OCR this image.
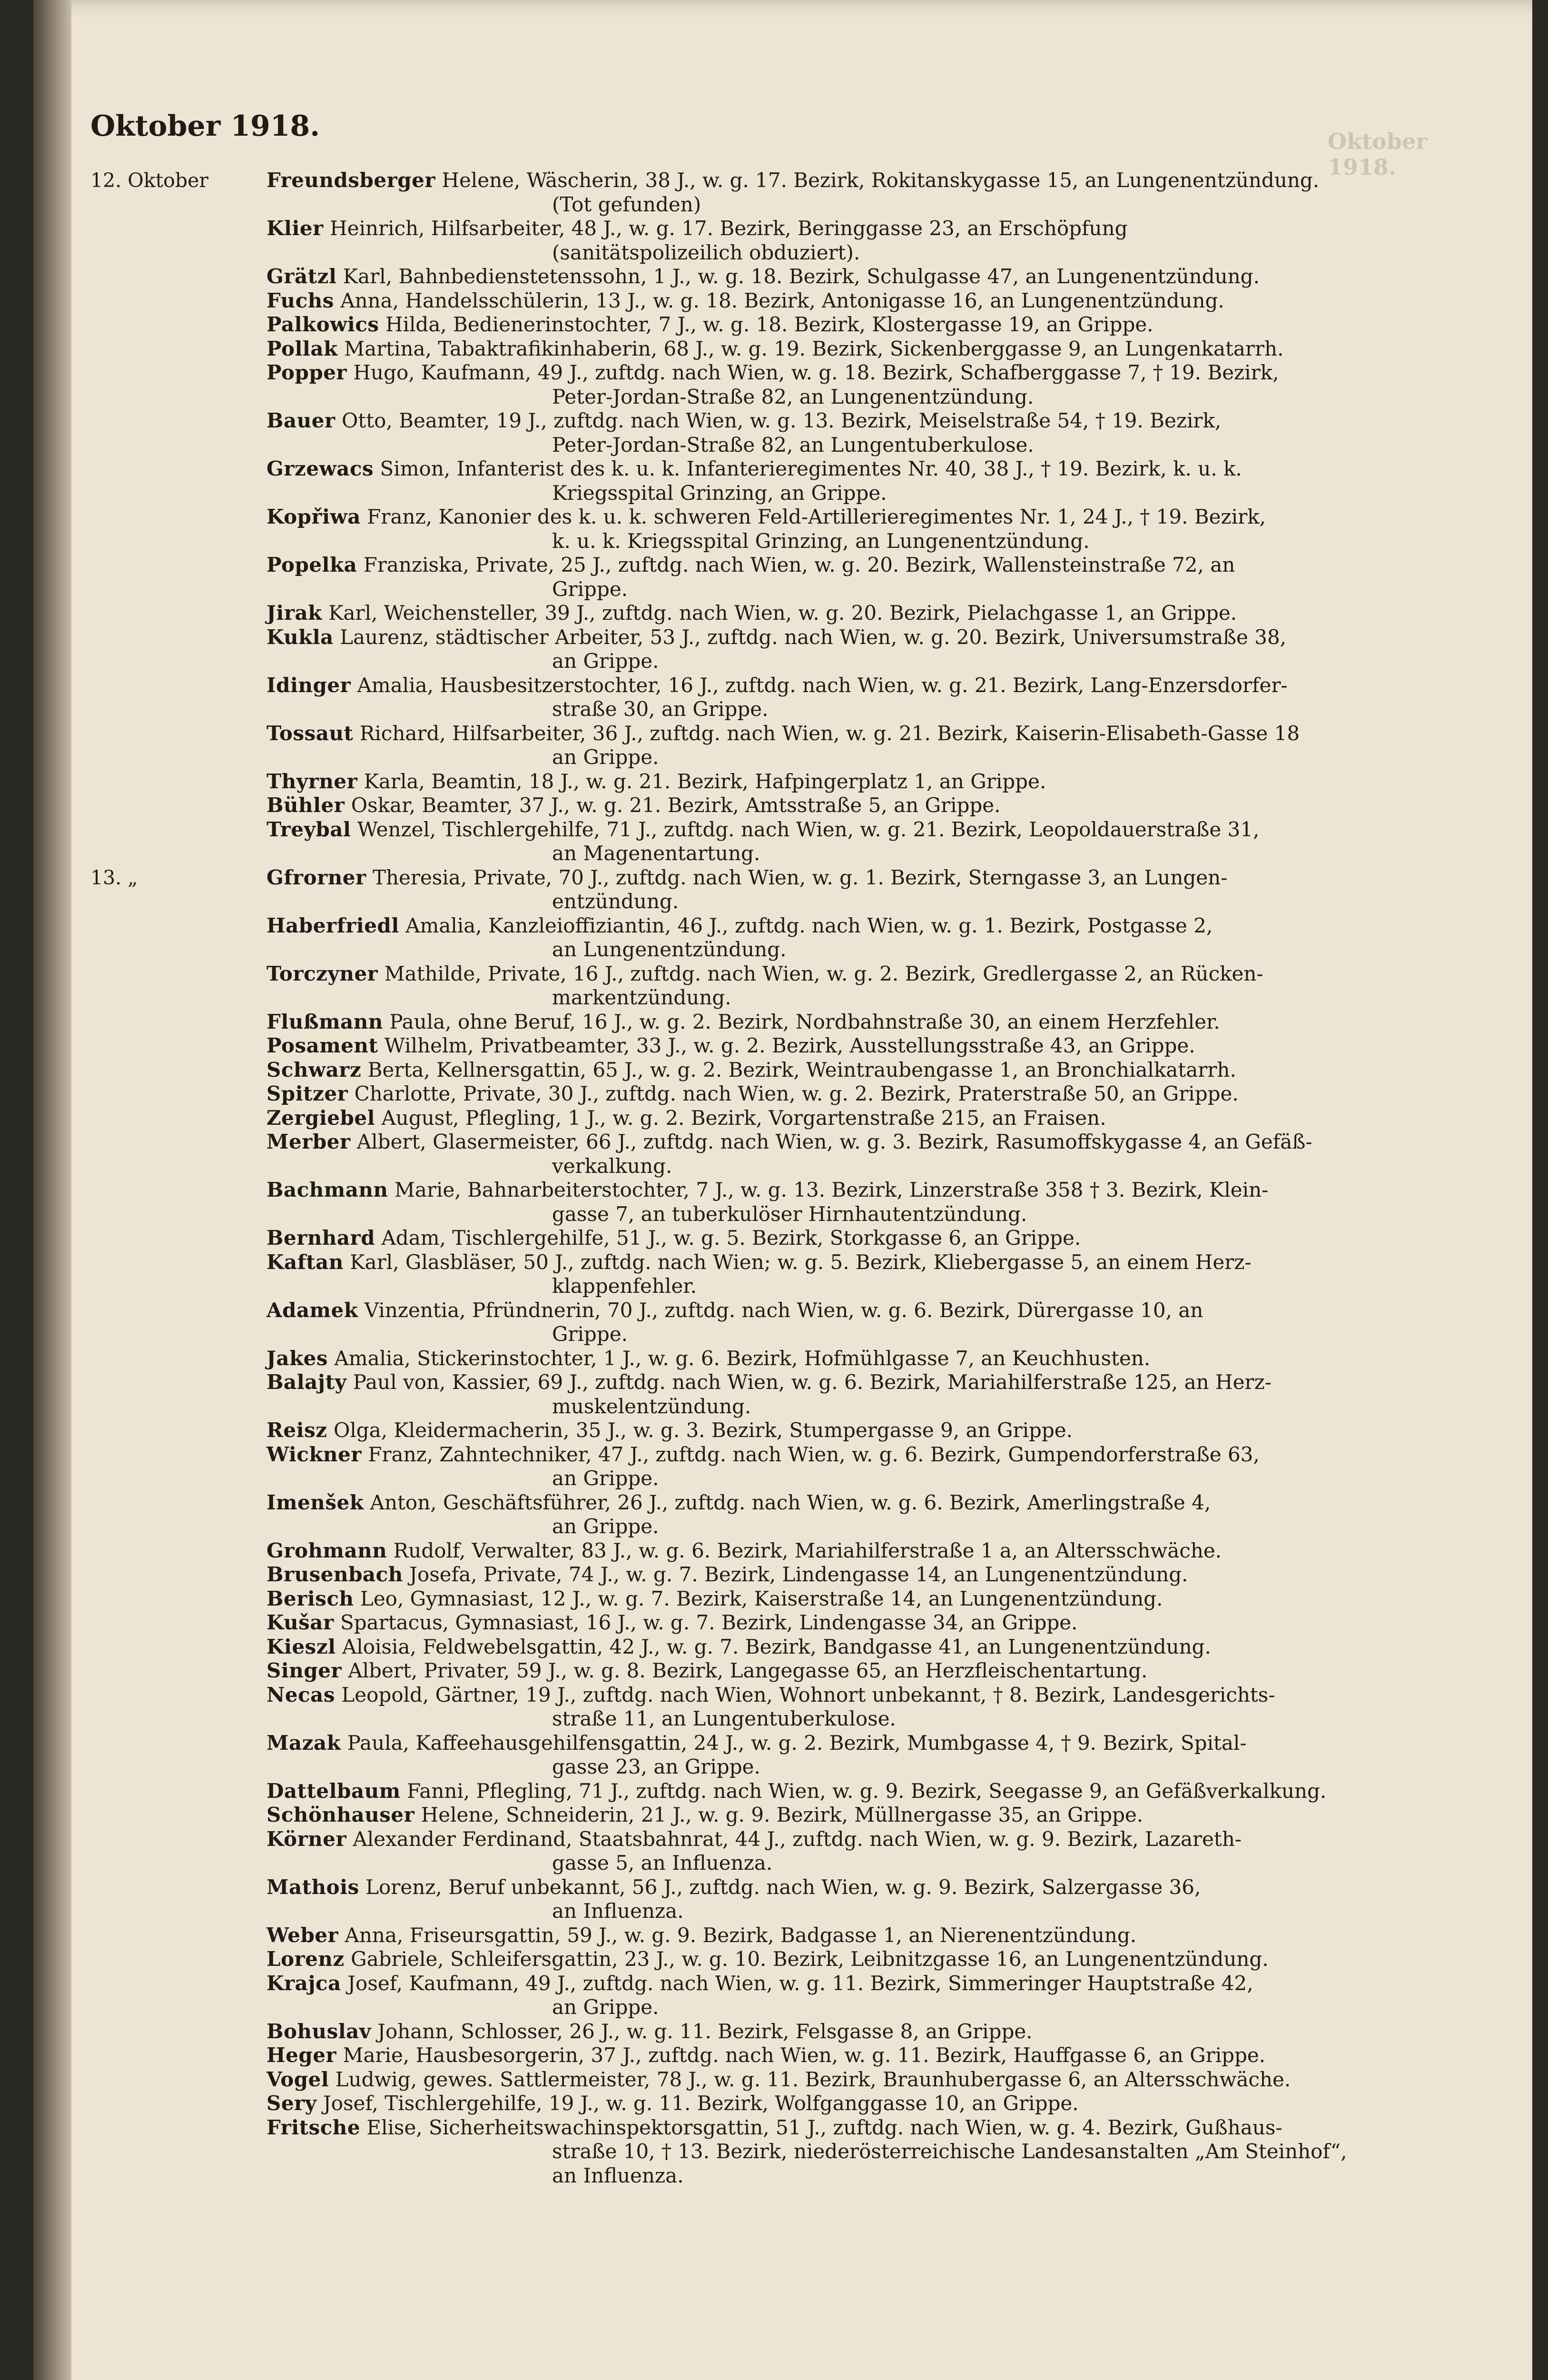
Oktober 1918.
Oktober 1918.
12. Oktober	Freundsberger Helene, Wäscherin, 38 J., w. g. 17. Bezirk, Rokitanskygasse 15, an Lungenentzündung.
(Tot gefunden)
Klier Heinrich, Hilfsarbeiter, 48 J., w. g. 17. Bezirk, Beringgasse 23, an Erschöpfung
(sanitätspolizeilich obduziert).
Grätzl Karl, Bahnbedienstetenssohn, 1 J., w. g. 18. Bezirk, Schulgasse 47, an Lungenentzündung.
Fuchs Anna, Handelsschülerin, 13 J., w. g. 18. Bezirk, Antonigasse 16, an Lungenentzündung.
Palkowics Hilda, Bedienerinstochter, 7 J., w. g. 18. Bezirk, Klostergasse 19, an Grippe.
Pollak Martina, Tabaktrafikinhaberin, 68 J., w. g. 19. Bezirk, Sickenberggasse 9, an Lungenkatarrh.
Popper Hugo, Kaufmann, 49 J., zuftdg. nach Wien, w. g. 18. Bezirk, Schafberggasse 7, † 19. Bezirk,
Peter-Jordan-Straße 82, an Lungenentzündung.
Bauer Otto, Beamter, 19 J., zuftdg. nach Wien, w. g. 13. Bezirk, Meiselstraße 54, † 19. Bezirk,
Peter-Jordan-Straße 82, an Lungentuberkulose.
Grzewacs Simon, Infanterist des k. u. k. Infanterieregimentes Nr. 40, 38 J., † 19. Bezirk, k. u. k.
Kriegsspital Grinzing, an Grippe.
Kopřiwa Franz, Kanonier des k. u. k. schweren Feld-Artillerieregimentes Nr. 1, 24 J., † 19. Bezirk,
k. u. k. Kriegsspital Grinzing, an Lungenentzündung.
Popelka Franziska, Private, 25 J., zuftdg. nach Wien, w. g. 20. Bezirk, Wallensteinstraße 72, an
Grippe.
Jirak Karl, Weichensteller, 39 J., zuftdg. nach Wien, w. g. 20. Bezirk, Pielachgasse 1, an Grippe.
Kukla Laurenz, städtischer Arbeiter, 53 J., zuftdg. nach Wien, w. g. 20. Bezirk, Universumstraße 38,
an Grippe.
Idinger Amalia, Hausbesitzerstochter, 16 J., zuftdg. nach Wien, w. g. 21. Bezirk, Lang-Enzersdorfer-
straße 30, an Grippe.
Tossaut Richard, Hilfsarbeiter, 36 J., zuftdg. nach Wien, w. g. 21. Bezirk, Kaiserin-Elisabeth-Gasse 18
an Grippe.
Thyrner Karla, Beamtin, 18 J., w. g. 21. Bezirk, Hafpingerplatz 1, an Grippe.
Bühler Oskar, Beamter, 37 J., w. g. 21. Bezirk, Amtsstraße 5, an Grippe.
Treybal Wenzel, Tischlergehilfe, 71 J., zuftdg. nach Wien, w. g. 21. Bezirk, Leopoldauerstraße 31,
an Magenentartung.
13. „	Gfrorner Theresia, Private, 70 J., zuftdg. nach Wien, w. g. 1. Bezirk, Sterngasse 3, an Lungen-
entzündung.
Haberfriedl Amalia, Kanzleioffiziantin, 46 J., zuftdg. nach Wien, w. g. 1. Bezirk, Postgasse 2,
an Lungenentzündung.
Torczyner Mathilde, Private, 16 J., zuftdg. nach Wien, w. g. 2. Bezirk, Gredlergasse 2, an Rücken-
markentzündung.
Flußmann Paula, ohne Beruf, 16 J., w. g. 2. Bezirk, Nordbahnstraße 30, an einem Herzfehler.
Posament Wilhelm, Privatbeamter, 33 J., w. g. 2. Bezirk, Ausstellungsstraße 43, an Grippe.
Schwarz Berta, Kellnersgattin, 65 J., w. g. 2. Bezirk, Weintraubengasse 1, an Bronchialkatarrh.
Spitzer Charlotte, Private, 30 J., zuftdg. nach Wien, w. g. 2. Bezirk, Praterstraße 50, an Grippe.
Zergiebel August, Pflegling, 1 J., w. g. 2. Bezirk, Vorgartenstraße 215, an Fraisen.
Merber Albert, Glasermeister, 66 J., zuftdg. nach Wien, w. g. 3. Bezirk, Rasumoffskygasse 4, an Gefäß-
verkalkung.
Bachmann Marie, Bahnarbeiterstochter, 7 J., w. g. 13. Bezirk, Linzerstraße 358 † 3. Bezirk, Klein-
gasse 7, an tuberkulöser Hirnhautentzündung.
Bernhard Adam, Tischlergehilfe, 51 J., w. g. 5. Bezirk, Storkgasse 6, an Grippe.
Kaftan Karl, Glasbläser, 50 J., zuftdg. nach Wien; w. g. 5. Bezirk, Kliebergasse 5, an einem Herz-
klappenfehler.
Adamek Vinzentia, Pfründnerin, 70 J., zuftdg. nach Wien, w. g. 6. Bezirk, Dürergasse 10, an
Grippe.
Jakes Amalia, Stickerinstochter, 1 J., w. g. 6. Bezirk, Hofmühlgasse 7, an Keuchhusten.
Balajty Paul von, Kassier, 69 J., zuftdg. nach Wien, w. g. 6. Bezirk, Mariahilferstraße 125, an Herz-
muskelentzündung.
Reisz Olga, Kleidermacherin, 35 J., w. g. 3. Bezirk, Stumpergasse 9, an Grippe.
Wickner Franz, Zahntechniker, 47 J., zuftdg. nach Wien, w. g. 6. Bezirk, Gumpendorferstraße 63,
an Grippe.
Imenšek Anton, Geschäftsführer, 26 J., zuftdg. nach Wien, w. g. 6. Bezirk, Amerlingstraße 4,
an Grippe.
Grohmann Rudolf, Verwalter, 83 J., w. g. 6. Bezirk, Mariahilferstraße 1 a, an Altersschwäche.
Brusenbach Josefa, Private, 74 J., w. g. 7. Bezirk, Lindengasse 14, an Lungenentzündung.
Berisch Leo, Gymnasiast, 12 J., w. g. 7. Bezirk, Kaiserstraße 14, an Lungenentzündung.
Kušar Spartacus, Gymnasiast, 16 J., w. g. 7. Bezirk, Lindengasse 34, an Grippe.
Kieszl Aloisia, Feldwebelsgattin, 42 J., w. g. 7. Bezirk, Bandgasse 41, an Lungenentzündung.
Singer Albert, Privater, 59 J., w. g. 8. Bezirk, Langegasse 65, an Herzfleischentartung.
Necas Leopold, Gärtner, 19 J., zuftdg. nach Wien, Wohnort unbekannt, † 8. Bezirk, Landesgerichts-
straße 11, an Lungentuberkulose.
Mazak Paula, Kaffeehausgehilfensgattin, 24 J., w. g. 2. Bezirk, Mumbgasse 4, † 9. Bezirk, Spital-
gasse 23, an Grippe.
Dattelbaum Fanni, Pflegling, 71 J., zuftdg. nach Wien, w. g. 9. Bezirk, Seegasse 9, an Gefäßverkalkung.
Schönhauser Helene, Schneiderin, 21 J., w. g. 9. Bezirk, Müllnergasse 35, an Grippe.
Körner Alexander Ferdinand, Staatsbahnrat, 44 J., zuftdg. nach Wien, w. g. 9. Bezirk, Lazareth-
gasse 5, an Influenza.
Mathois Lorenz, Beruf unbekannt, 56 J., zuftdg. nach Wien, w. g. 9. Bezirk, Salzergasse 36,
an Influenza.
Weber Anna, Friseursgattin, 59 J., w. g. 9. Bezirk, Badgasse 1, an Nierenentzündung.
Lorenz Gabriele, Schleifersgattin, 23 J., w. g. 10. Bezirk, Leibnitzgasse 16, an Lungenentzündung.
Krajca Josef, Kaufmann, 49 J., zuftdg. nach Wien, w. g. 11. Bezirk, Simmeringer Hauptstraße 42,
an Grippe.
Bohuslav Johann, Schlosser, 26 J., w. g. 11. Bezirk, Felsgasse 8, an Grippe.
Heger Marie, Hausbesorgerin, 37 J., zuftdg. nach Wien, w. g. 11. Bezirk, Hauffgasse 6, an Grippe.
Vogel Ludwig, gewes. Sattlermeister, 78 J., w. g. 11. Bezirk, Braunhubergasse 6, an Altersschwäche.
Sery Josef, Tischlergehilfe, 19 J., w. g. 11. Bezirk, Wolfganggasse 10, an Grippe.
Fritsche Elise, Sicherheitswachinspektorsgattin, 51 J., zuftdg. nach Wien, w. g. 4. Bezirk, Gußhaus-
straße 10, † 13. Bezirk, niederösterreichische Landesanstalten „Am Steinhof“,
an Influenza.
